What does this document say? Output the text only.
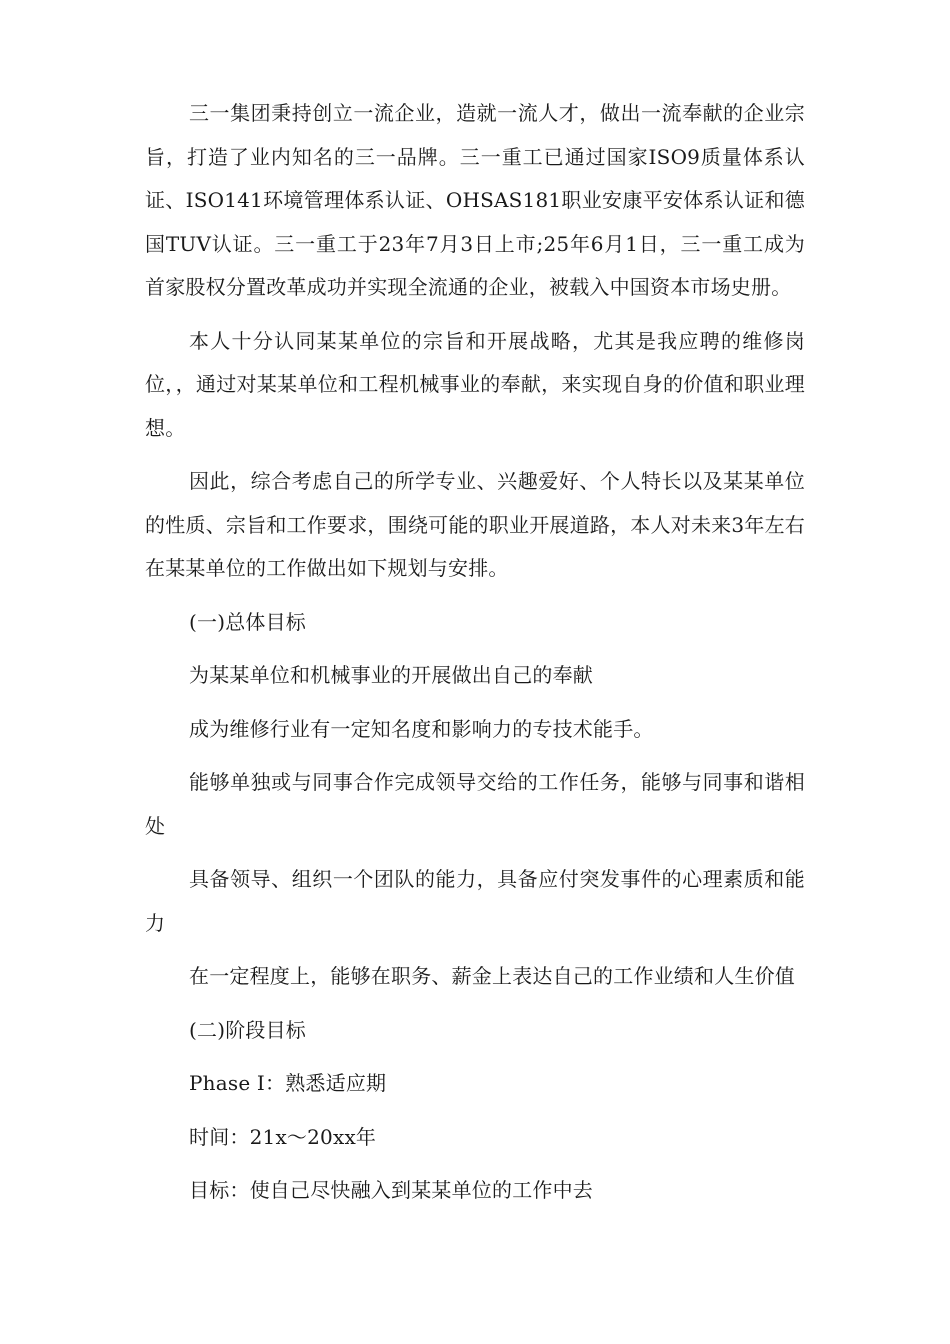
三一集团秉持创立一流企业，造就一流人才，做出一流奉献的企业宗旨，打造了业内知名的三一品牌。三一重工已通过国家ISO9质量体系认证、ISO141环境管理体系认证、OHSAS181职业安康平安体系认证和德国TUV认证。三一重工于23年7月3日上市;25年6月1日，三一重工成为首家股权分置改革成功并实现全流通的企业，被载入中国资本市场史册。

本人十分认同某某单位的宗旨和开展战略，尤其是我应聘的维修岗位，，通过对某某单位和工程机械事业的奉献，来实现自身的价值和职业理想。

因此，综合考虑自己的所学专业、兴趣爱好、个人特长以及某某单位的性质、宗旨和工作要求，围绕可能的职业开展道路，本人对未来3年左右在某某单位的工作做出如下规划与安排。

(一)总体目标

为某某单位和机械事业的开展做出自己的奉献

成为维修行业有一定知名度和影响力的专技术能手。

能够单独或与同事合作完成领导交给的工作任务，能够与同事和谐相处

具备领导、组织一个团队的能力，具备应付突发事件的心理素质和能力

在一定程度上，能够在职务、薪金上表达自己的工作业绩和人生价值

(二)阶段目标

Phase Ⅰ：熟悉适应期

时间：21x～20xx年

目标：使自己尽快融入到某某单位的工作中去
